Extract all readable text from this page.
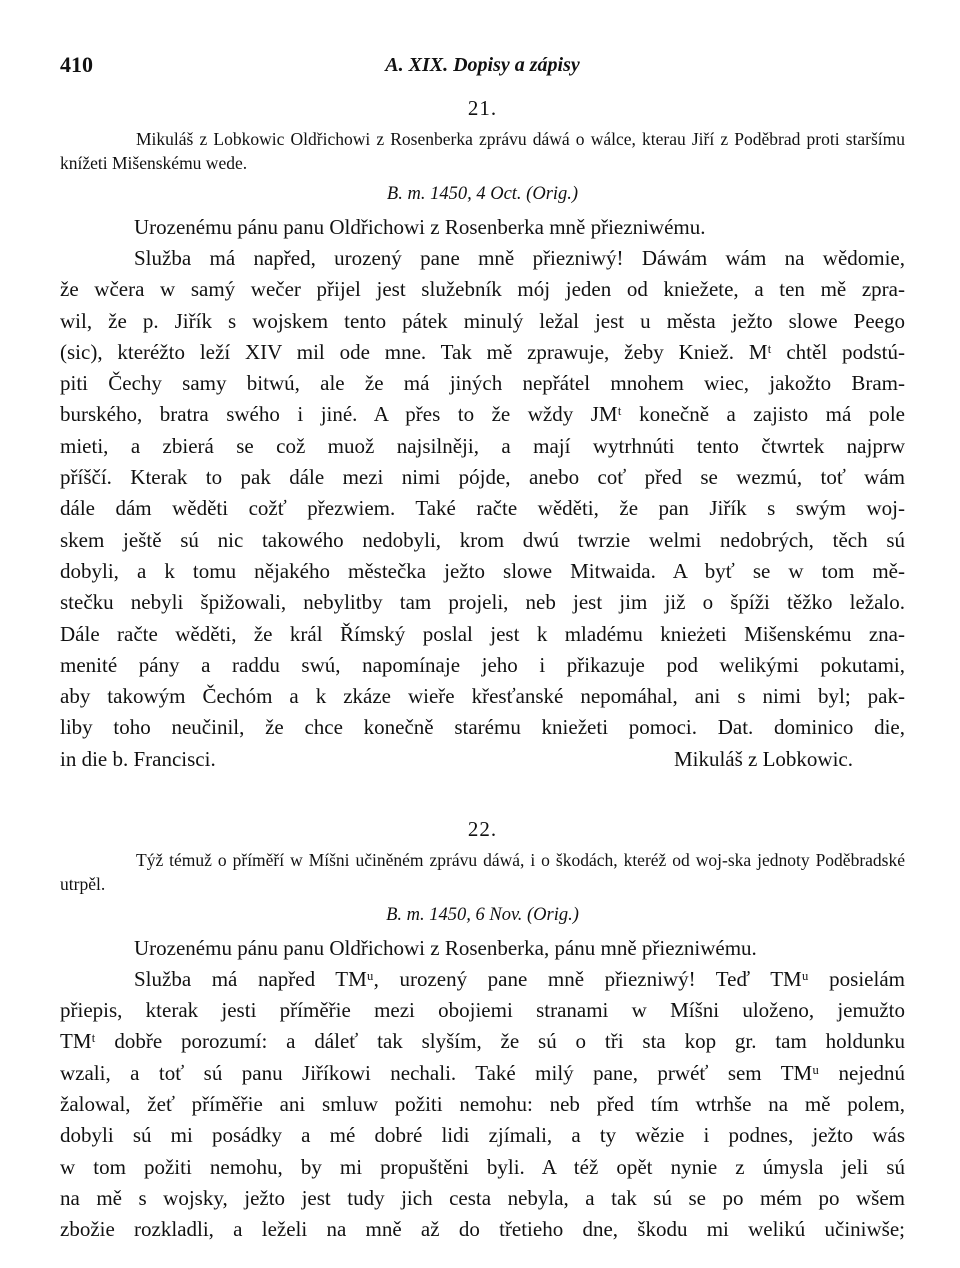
410	A. XIX. Dopisy a zápisy
21.

Mikuláš z Lobkowic Oldřichowi z Rosenberka zprávu dáwá o wálce, kterau Jiří z Poděbrad proti staršímu knížeti Mišenskému wede.

B. m. 1450, 4 Oct. (Orig.)

Urozenému pánu panu Oldřichowi z Rosenberka mně přiezniwému.

Služba má napřed, urozený pane mně přiezniwý! Dáwám wám na wědomie,
že wčera w samý wečer přijel jest služebník mój jeden od kniežete, a ten mě zpra-
wil, že p. Jiřík s wojskem tento pátek minulý ležal jest u města ježto slowe Peego
(sic), kteréžto leží XIV mil ode mne. Tak mě zprawuje, žeby Kniež. Mᵗ chtěl podstú-
piti Čechy samy bitwú, ale že má jiných nepřátel mnohem wiec, jakožto Bram-
burského, bratra swého i jiné. A přes to že wždy JMᵗ konečně a zajisto má pole
mieti, a zbierá se což muož najsilněji, a mají wytrhnúti tento čtwrtek najprw
příščí. Kterak to pak dále mezi nimi pójde, anebo coť před se wezmú, toť wám
dále dám wěděti cožť přezwiem. Také račte wěděti, že pan Jiřík s swým woj-
skem ještě sú nic takowého nedobyli, krom dwú twrzie welmi nedobrých, těch sú
dobyli, a k tomu nějakého městečka ježto slowe Mitwaida. A byť se w tom mě-
stečku nebyli špižowali, nebylitby tam projeli, neb jest jim již o špíži těžko ležalo.
Dále račte wěděti, že král Římský poslal jest k mladému knieżeti Mišenskému zna-
menité pány a raddu swú, napomínaje jeho i přikazuje pod welikými pokutami,
aby takowým Čechóm a k zkáze wieře křesťanské nepomáhal, ani s nimi byl; pak-
liby toho neučinil, že chce konečně starému kniežeti pomoci. Dat. dominico die,
in die b. Francisci.	Mikuláš z Lobkowic.
22.

Týž témuž o příměří w Míšni učiněném zprávu dáwá, i o škodách, kteréž od woj-ska jednoty Poděbradské utrpěl.

B. m. 1450, 6 Nov. (Orig.)

Urozenému pánu panu Oldřichowi z Rosenberka, pánu mně přiezniwému.

Služba má napřed TMᵘ, urozený pane mně přiezniwý! Teď TMᵘ posielám
přiepis, kterak jesti příměřie mezi obojiemi stranami w Míšni uloženo, jemužto
TMᵗ dobře porozumí: a dáleť tak slyším, že sú o tři sta kop gr. tam holdunku
wzali, a toť sú panu Jiříkowi nechali. Také milý pane, prwéť sem TMᵘ nejednú
žalowal, žeť příměřie ani smluw požiti nemohu: neb před tím wtrhše na mě polem,
dobyli sú mi posádky a mé dobré lidi zjímali, a ty wězie i podnes, ježto wás
w tom požiti nemohu, by mi propuštěni byli. A též opět nynie z úmysla jeli sú
na mě s wojsky, ježto jest tudy jich cesta nebyla, a tak sú se po mém po wšem
zbožie rozkladli, a leželi na mně až do třetieho dne, škodu mi welikú učiniwše;
